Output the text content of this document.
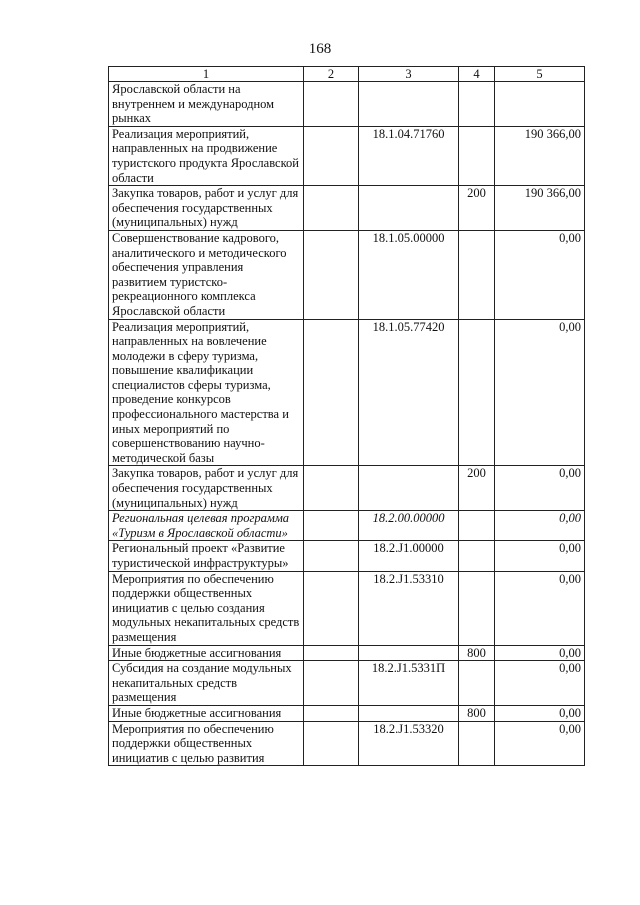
168
1	2	3	4	5
Ярославской области на внутреннем и международном рынках				
Реализация мероприятий, направленных на продвижение туристского продукта Ярославской области		18.1.04.71760		190 366,00
Закупка товаров, работ и услуг для обеспечения государственных (муниципальных) нужд			200	190 366,00
Совершенствование кадрового, аналитического и методического обеспечения управления развитием туристско-рекреационного комплекса Ярославской области		18.1.05.00000		0,00
Реализация мероприятий, направленных на вовлечение молодежи в сферу туризма, повышение квалификации специалистов сферы туризма, проведение конкурсов профессионального мастерства и иных мероприятий по совершенствованию научно-методической базы		18.1.05.77420		0,00
Закупка товаров, работ и услуг для обеспечения государственных (муниципальных) нужд			200	0,00
Региональная целевая программа «Туризм в Ярославской области»		18.2.00.00000		0,00
Региональный проект «Развитие туристической инфраструктуры»		18.2.J1.00000		0,00
Мероприятия по обеспечению поддержки общественных инициатив с целью создания модульных некапитальных средств размещения		18.2.J1.53310		0,00
Иные бюджетные ассигнования			800	0,00
Субсидия на создание модульных некапитальных средств размещения		18.2.J1.5331П		0,00
Иные бюджетные ассигнования			800	0,00
Мероприятия по обеспечению поддержки общественных инициатив с целью развития		18.2.J1.53320		0,00
